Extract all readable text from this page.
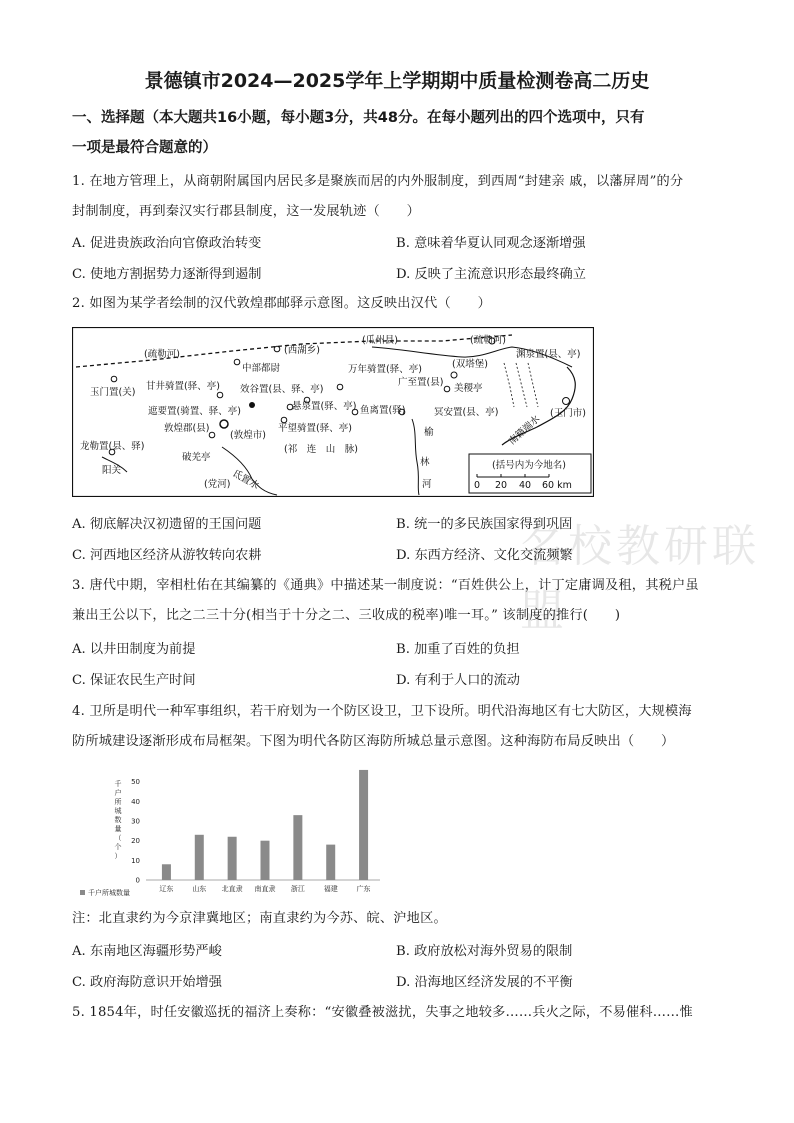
景德镇市2024—2025学年上学期期中质量检测卷高二历史
一、选择题（本大题共16小题，每小题3分，共48分。在每小题列出的四个选项中，只有
一项是最符合题意的）
名校教研联盟
1. 在地方管理上，从商朝附属国内居民多是聚族而居的内外服制度，到西周“封建亲 戚，以藩屏周”的分
封制制度，再到秦汉实行郡县制度，这一发展轨迹（　　）
A. 促进贵族政治向官僚政治转变	B. 意味着华夏认同观念逐渐增强
C. 使地方割据势力逐渐得到遏制	D. 反映了主流意识形态最终确立
2. 如图为某学者绘制的汉代敦煌郡邮驿示意图。这反映出汉代（　　）
(疏勒河)	(西湖乡)
(瓜州县)	(疏勒河)
(双塔堡)
渊泉置(县、亭)
中部都尉	万年骑置(驿、亭)
广至置(县)
美稷亭
玉门置(关)
甘井骑置(驿、亭) 效谷置(县、驿、亭)
悬泉置(驿、亭) 鱼离置(驿)	冥安置(县、亭)
遮要置(骑置、驿、亭)	(玉门市)
敦煌郡(县)
(敦煌市)
平望骑置(驿、亭)
龙勒置(县、驿)
阳关
破羌亭
(祁　连　山　脉)
榆
林
河
氐置水
(党河)
南籍端水
(括号内为今地名)
0 20 40 60 km
A. 彻底解决汉初遗留的王国问题	B. 统一的多民族国家得到巩固
C. 河西地区经济从游牧转向农耕	D. 东西方经济、文化交流频繁
3. 唐代中期，宰相杜佑在其编纂的《通典》中描述某一制度说：“百姓供公上，计丁定庸调及租，其税户虽
兼出王公以下，比之二三十分(相当于十分之二、三收成的税率)唯一耳。” 该制度的推行(　　)
A. 以井田制度为前提	B. 加重了百姓的负担
C. 保证农民生产时间	D. 有利于人口的流动
4. 卫所是明代一种军事组织，若干府划为一个防区设卫，卫下设所。明代沿海地区有七大防区，大规模海
防所城建设逐渐形成布局框架。下图为明代各防区海防所城总量示意图。这种海防布局反映出（　　）
千
户
所
城
数
量
（
个
）
0
10
20
30
40
50
辽东	山东 北直隶 南直隶 浙江	福建	广东
千户所城数量
注：北直隶约为今京津冀地区；南直隶约为今苏、皖、沪地区。
A. 东南地区海疆形势严峻	B. 政府放松对海外贸易的限制
C. 政府海防意识开始增强	D. 沿海地区经济发展的不平衡
5. 1854年，时任安徽巡抚的福济上奏称：“安徽叠被滋扰，失事之地较多……兵火之际，不易催科……惟
